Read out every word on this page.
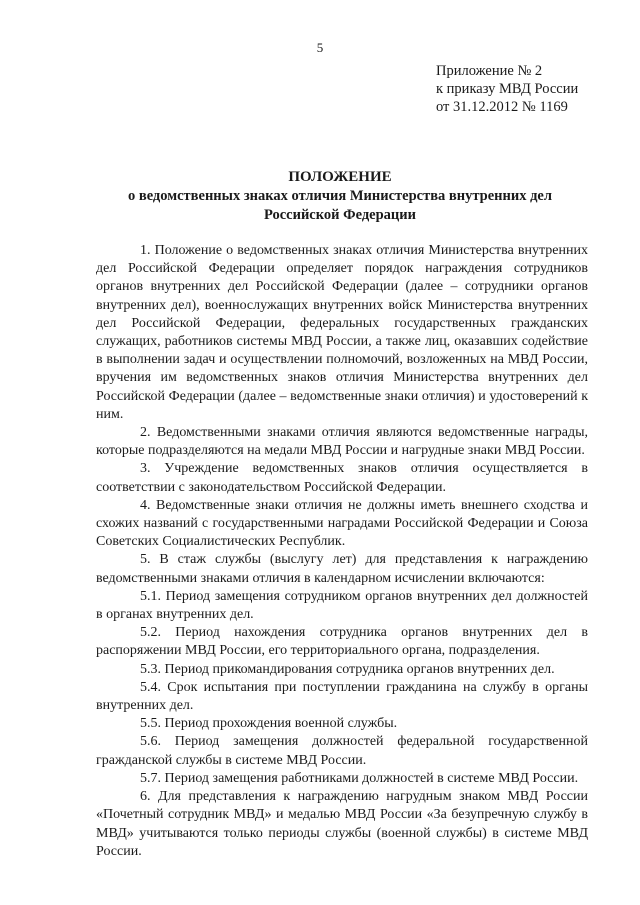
5
Приложение № 2
к приказу МВД России
от 31.12.2012 № 1169
ПОЛОЖЕНИЕ
о ведомственных знаках отличия Министерства внутренних дел
Российской Федерации

1. Положение о ведомственных знаках отличия Министерства внутренних дел Российской Федерации определяет порядок награждения сотрудников органов внутренних дел Российской Федерации (далее – сотрудники органов внутренних дел), военнослужащих внутренних войск Министерства внутренних дел Российской Федерации, федеральных государственных гражданских служащих, работников системы МВД России, а также лиц, оказавших содействие в выполнении задач и осуществлении полномочий, возложенных на МВД России, вручения им ведомственных знаков отличия Министерства внутренних дел Российской Федерации (далее – ведомственные знаки отличия) и удостоверений к ним.

2. Ведомственными знаками отличия являются ведомственные награды, которые подразделяются на медали МВД России и нагрудные знаки МВД России.

3. Учреждение ведомственных знаков отличия осуществляется в соответствии с законодательством Российской Федерации.

4. Ведомственные знаки отличия не должны иметь внешнего сходства и схожих названий с государственными наградами Российской Федерации и Союза Советских Социалистических Республик.

5. В стаж службы (выслугу лет) для представления к награждению ведомственными знаками отличия в календарном исчислении включаются:

5.1. Период замещения сотрудником органов внутренних дел должностей в органах внутренних дел.

5.2. Период нахождения сотрудника органов внутренних дел в распоряжении МВД России, его территориального органа, подразделения.

5.3. Период прикомандирования сотрудника органов внутренних дел.

5.4. Срок испытания при поступлении гражданина на службу в органы внутренних дел.

5.5. Период прохождения военной службы.

5.6. Период замещения должностей федеральной государственной гражданской службы в системе МВД России.

5.7. Период замещения работниками должностей в системе МВД России.

6. Для представления к награждению нагрудным знаком МВД России «Почетный сотрудник МВД» и медалью МВД России «За безупречную службу в МВД» учитываются только периоды службы (военной службы) в системе МВД России.
